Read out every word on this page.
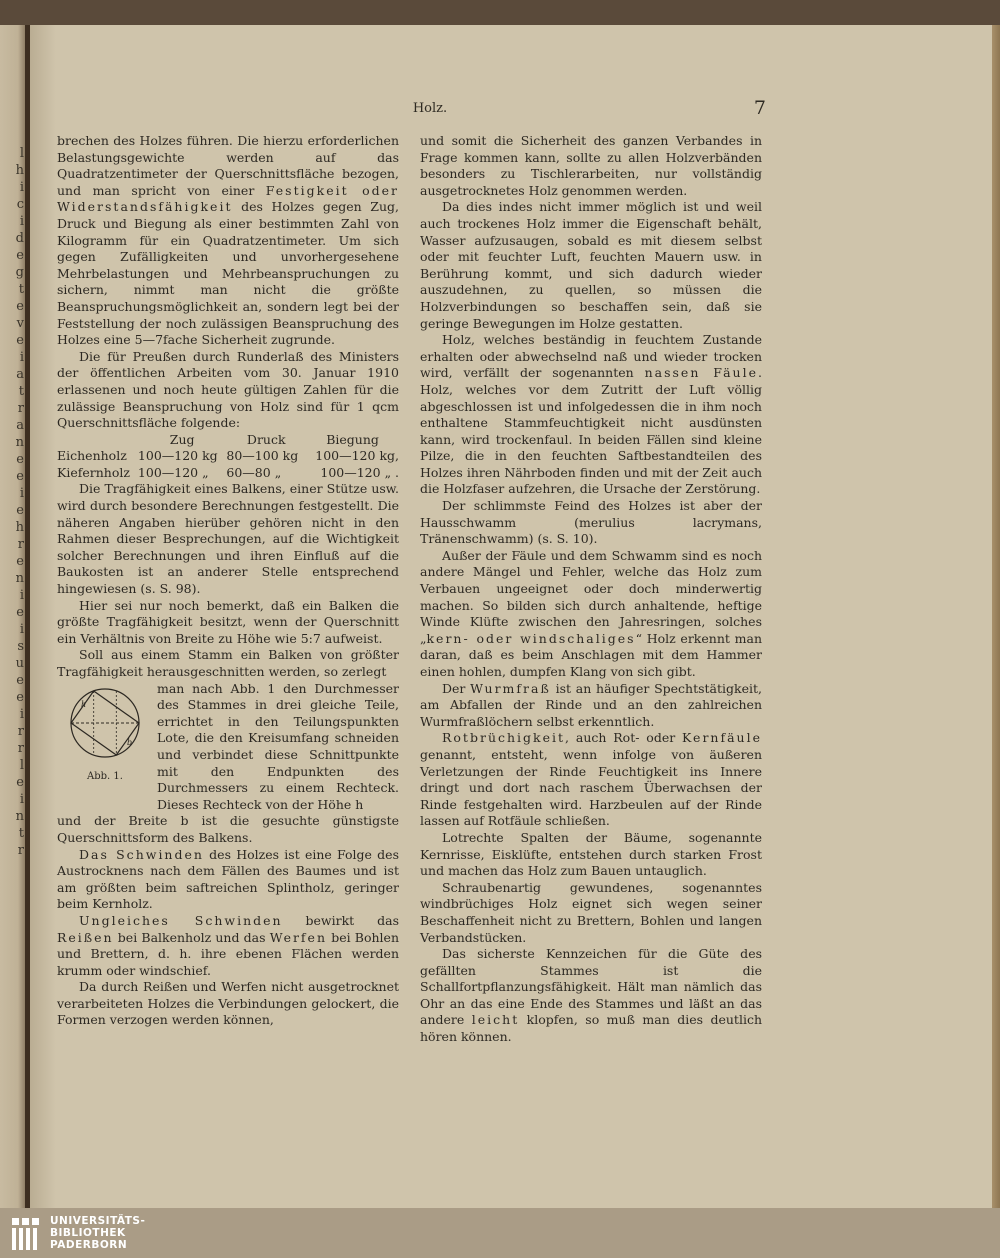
l
h
i
c
i
d
e
g
t
e
v
e
i
a
t
r
a
n
e
e
i
e
h
r
e
n
i
e
i
s
u
e
e
i
r
r
l
e
i
n
t
r
Holz.	7

brechen des Holzes führen. Die hierzu erforderlichen Belastungsgewichte werden auf das Quadratzentimeter der Querschnittsfläche bezogen, und man spricht von einer Festigkeit oder Widerstandsfähigkeit des Holzes gegen Zug, Druck und Biegung als einer bestimmten Zahl von Kilogramm für ein Quadratzentimeter. Um sich gegen Zufälligkeiten und unvorhergesehene Mehrbelastungen und Mehrbeanspruchungen zu sichern, nimmt man nicht die größte Beanspruchungsmöglichkeit an, sondern legt bei der Feststellung der noch zulässigen Beanspruchung des Holzes eine 5—7fache Sicherheit zugrunde.

Die für Preußen durch Runderlaß des Ministers der öffentlichen Arbeiten vom 30. Januar 1910 erlassenen und noch heute gültigen Zahlen für die zulässige Beanspruchung von Holz sind für 1 qcm Querschnittsfläche folgende:

	Zug	Druck	Biegung
Eichenholz	100—120 kg	80—100 kg	100—120 kg,
Kiefernholz	100—120 „	60—80 „	100—120 „ .

Die Tragfähigkeit eines Balkens, einer Stütze usw. wird durch besondere Berechnungen festgestellt. Die näheren Angaben hierüber gehören nicht in den Rahmen dieser Besprechungen, auf die Wichtigkeit solcher Berechnungen und ihren Einfluß auf die Baukosten ist an anderer Stelle entsprechend hingewiesen (s. S. 98).

Hier sei nur noch bemerkt, daß ein Balken die größte Tragfähigkeit besitzt, wenn der Querschnitt ein Verhältnis von Breite zu Höhe wie 5:7 aufweist.

Soll aus einem Stamm ein Balken von größter Tragfähigkeit herausgeschnitten werden, so zerlegt

h
b
Abb. 1.

man nach Abb. 1 den Durchmesser des Stammes in drei gleiche Teile, errichtet in den Teilungspunkten Lote, die den Kreisumfang schneiden und verbindet diese Schnittpunkte mit den Endpunkten des Durchmessers zu einem Rechteck. Dieses Rechteck von der Höhe h

und der Breite b ist die gesuchte günstigste Querschnittsform des Balkens.

Das Schwinden des Holzes ist eine Folge des Austrocknens nach dem Fällen des Baumes und ist am größten beim saftreichen Splintholz, geringer beim Kernholz.

Ungleiches Schwinden bewirkt das Reißen bei Balkenholz und das Werfen bei Bohlen und Brettern, d. h. ihre ebenen Flächen werden krumm oder windschief.

Da durch Reißen und Werfen nicht ausgetrocknet verarbeiteten Holzes die Verbindungen gelockert, die Formen verzogen werden können,

und somit die Sicherheit des ganzen Verbandes in Frage kommen kann, sollte zu allen Holzverbänden besonders zu Tischlerarbeiten, nur vollständig ausgetrocknetes Holz genommen werden.

Da dies indes nicht immer möglich ist und weil auch trockenes Holz immer die Eigenschaft behält, Wasser aufzusaugen, sobald es mit diesem selbst oder mit feuchter Luft, feuchten Mauern usw. in Berührung kommt, und sich dadurch wieder auszudehnen, zu quellen, so müssen die Holzverbindungen so beschaffen sein, daß sie geringe Bewegungen im Holze gestatten.

Holz, welches beständig in feuchtem Zustande erhalten oder abwechselnd naß und wieder trocken wird, verfällt der sogenannten nassen Fäule. Holz, welches vor dem Zutritt der Luft völlig abgeschlossen ist und infolgedessen die in ihm noch enthaltene Stammfeuchtigkeit nicht ausdünsten kann, wird trockenfaul. In beiden Fällen sind kleine Pilze, die in den feuchten Saftbestandteilen des Holzes ihren Nährboden finden und mit der Zeit auch die Holzfaser aufzehren, die Ursache der Zerstörung.

Der schlimmste Feind des Holzes ist aber der Hausschwamm (merulius lacrymans, Tränenschwamm) (s. S. 10).

Außer der Fäule und dem Schwamm sind es noch andere Mängel und Fehler, welche das Holz zum Verbauen ungeeignet oder doch minderwertig machen. So bilden sich durch anhaltende, heftige Winde Klüfte zwischen den Jahresringen, solches „kern- oder windschaliges“ Holz erkennt man daran, daß es beim Anschlagen mit dem Hammer einen hohlen, dumpfen Klang von sich gibt.

Der Wurmfraß ist an häufiger Spechtstätigkeit, am Abfallen der Rinde und an den zahlreichen Wurmfraßlöchern selbst erkenntlich.

Rotbrüchigkeit, auch Rot- oder Kernfäule genannt, entsteht, wenn infolge von äußeren Verletzungen der Rinde Feuchtigkeit ins Innere dringt und dort nach raschem Überwachsen der Rinde festgehalten wird. Harzbeulen auf der Rinde lassen auf Rotfäule schließen.

Lotrechte Spalten der Bäume, sogenannte Kernrisse, Eisklüfte, entstehen durch starken Frost und machen das Holz zum Bauen untauglich.

Schraubenartig gewundenes, sogenanntes windbrüchiges Holz eignet sich wegen seiner Beschaffenheit nicht zu Brettern, Bohlen und langen Verbandstücken.

Das sicherste Kennzeichen für die Güte des gefällten Stammes ist die Schallfortpflanzungsfähigkeit. Hält man nämlich das Ohr an das eine Ende des Stammes und läßt an das andere leicht klopfen, so muß man dies deutlich hören können.

UNIVERSITÄTS-
BIBLIOTHEK
PADERBORN
